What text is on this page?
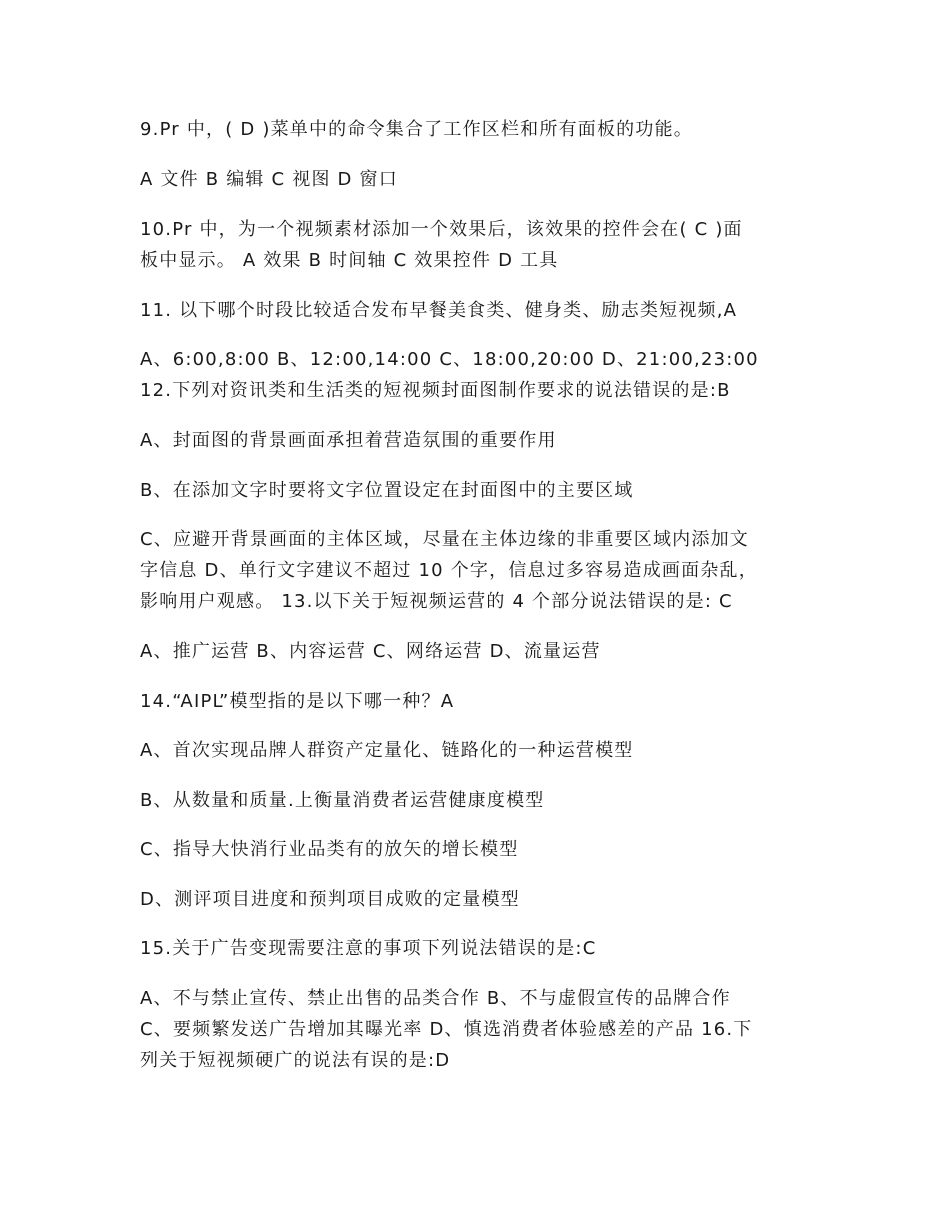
9.Pr 中，( D )菜单中的命令集合了工作区栏和所有面板的功能。
A 文件 B 编辑 C 视图 D 窗口
10.Pr 中，为一个视频素材添加一个效果后，该效果的控件会在( C )面
板中显示。 A 效果 B 时间轴 C 效果控件 D 工具
11. 以下哪个时段比较适合发布早餐美食类、健身类、励志类短视频,A
A、6:00,8:00 B、12:00,14:00 C、18:00,20:00 D、21:00,23:00
12.下列对资讯类和生活类的短视频封面图制作要求的说法错误的是:B
A、封面图的背景画面承担着营造氛围的重要作用
B、在添加文字时要将文字位置设定在封面图中的主要区域
C、应避开背景画面的主体区域，尽量在主体边缘的非重要区域内添加文
字信息 D、单行文字建议不超过 10 个字，信息过多容易造成画面杂乱，
影响用户观感。 13.以下关于短视频运营的 4 个部分说法错误的是: C
A、推广运营 B、内容运营 C、网络运营 D、流量运营
14.“AIPL”模型指的是以下哪一种？A
A、首次实现品牌人群资产定量化、链路化的一种运营模型
B、从数量和质量.上衡量消费者运营健康度模型
C、指导大快消行业品类有的放矢的增长模型
D、测评项目进度和预判项目成败的定量模型
15.关于广告变现需要注意的事项下列说法错误的是:C
A、不与禁止宣传、禁止出售的品类合作 B、不与虚假宣传的品牌合作
C、要频繁发送广告增加其曝光率 D、慎选消费者体验感差的产品 16.下
列关于短视频硬广的说法有误的是:D
